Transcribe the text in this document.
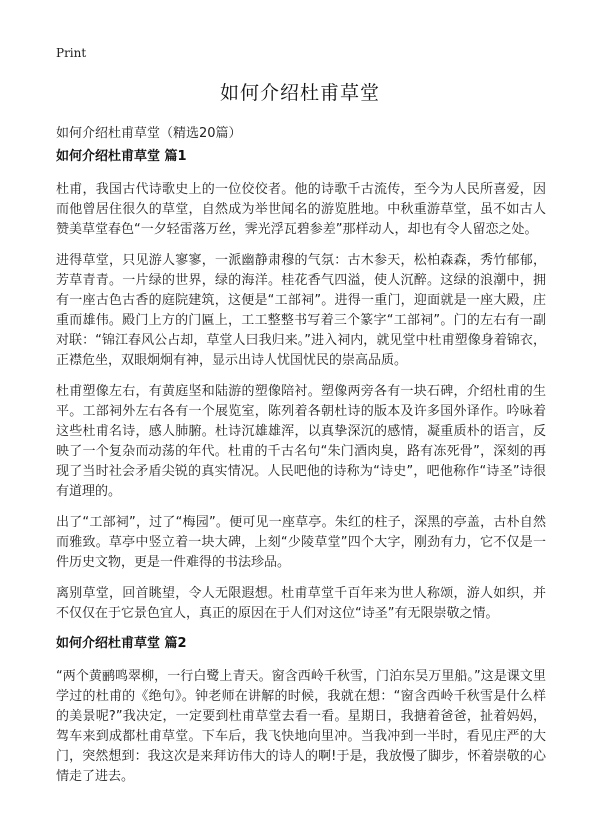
Print
如何介绍杜甫草堂

如何介绍杜甫草堂（精选20篇）

如何介绍杜甫草堂 篇1

杜甫，我国古代诗歌史上的一位佼佼者。他的诗歌千古流传，至今为人民所喜爱，因而他曾居住很久的草堂，自然成为举世闻名的游览胜地。中秋重游草堂，虽不如古人赞美草堂春色“一夕轻雷落万丝，霁光浮瓦碧参差”那样动人，却也有令人留恋之处。

进得草堂，只见游人寥寥，一派幽静肃穆的气氛：古木参天，松柏森森，秀竹郁郁，芳草青青。一片绿的世界，绿的海洋。桂花香气四溢，使人沉醉。这绿的浪潮中，拥有一座古色古香的庭院建筑，这便是“工部祠”。进得一重门，迎面就是一座大殿，庄重而雄伟。殿门上方的门匾上，工工整整书写着三个篆字“工部祠”。门的左右有一副对联：“锦江春风公占却，草堂人曰我归来。”进入祠内，就见堂中杜甫塑像身着锦衣，正襟危坐，双眼炯炯有神，显示出诗人忧国忧民的崇高品质。

杜甫塑像左右，有黄庭坚和陆游的塑像陪衬。塑像两旁各有一块石碑，介绍杜甫的生平。工部祠外左右各有一个展览室，陈列着各朝杜诗的版本及许多国外译作。吟咏着这些杜甫名诗，感人肺腑。杜诗沉雄雄浑，以真挚深沉的感情，凝重质朴的语言，反映了一个复杂而动荡的年代。杜甫的千古名句“朱门酒肉臭，路有冻死骨”，深刻的再现了当时社会矛盾尖锐的真实情况。人民吧他的诗称为“诗史”，吧他称作“诗圣”诗很有道理的。

出了“工部祠”，过了“梅园”。便可见一座草亭。朱红的柱子，深黑的亭盖，古朴自然而雅致。草亭中竖立着一块大碑，上刻“少陵草堂”四个大字，刚劲有力，它不仅是一件历史文物，更是一件难得的书法珍品。

离别草堂，回首眺望，令人无限遐想。杜甫草堂千百年来为世人称颂，游人如织，并不仅仅在于它景色宜人，真正的原因在于人们对这位“诗圣”有无限崇敬之情。

如何介绍杜甫草堂 篇2

“两个黄鹂鸣翠柳，一行白鹭上青天。窗含西岭千秋雪，门泊东吴万里船。”这是课文里学过的杜甫的《绝句》。钟老师在讲解的时候，我就在想：“窗含西岭千秋雪是什么样的美景呢?”我决定，一定要到杜甫草堂去看一看。星期日，我搪着爸爸，扯着妈妈，驾车来到成都杜甫草堂。下车后，我飞快地向里冲。当我冲到一半时，看见庄严的大门，突然想到：我这次是来拜访伟大的诗人的啊!于是，我放慢了脚步，怀着崇敬的心情走了进去。
